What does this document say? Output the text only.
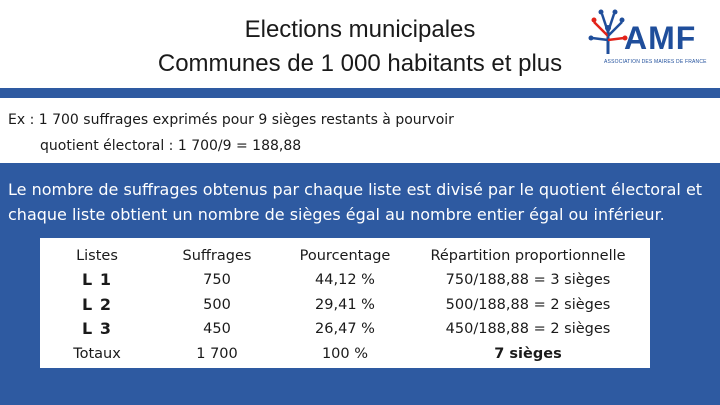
Elections municipales
Communes de 1 000 habitants et plus
AMF
ASSOCIATION DES MAIRES DE FRANCE
Ex : 1 700 suffrages exprimés pour 9 sièges restants à pourvoir
quotient électoral : 1 700/9 = 188,88
Le nombre de suffrages obtenus par chaque liste est divisé par le quotient électoral et chaque liste obtient un nombre de sièges égal au nombre entier égal ou inférieur.
Listes
L 1
L 2
L 3
Totaux
Suffrages
750
500
450
1 700
Pourcentage
44,12 %
29,41 %
26,47 %
100 %
Répartition proportionnelle
750/188,88 = 3 sièges
500/188,88 = 2 sièges
450/188,88 = 2 sièges
7 sièges
